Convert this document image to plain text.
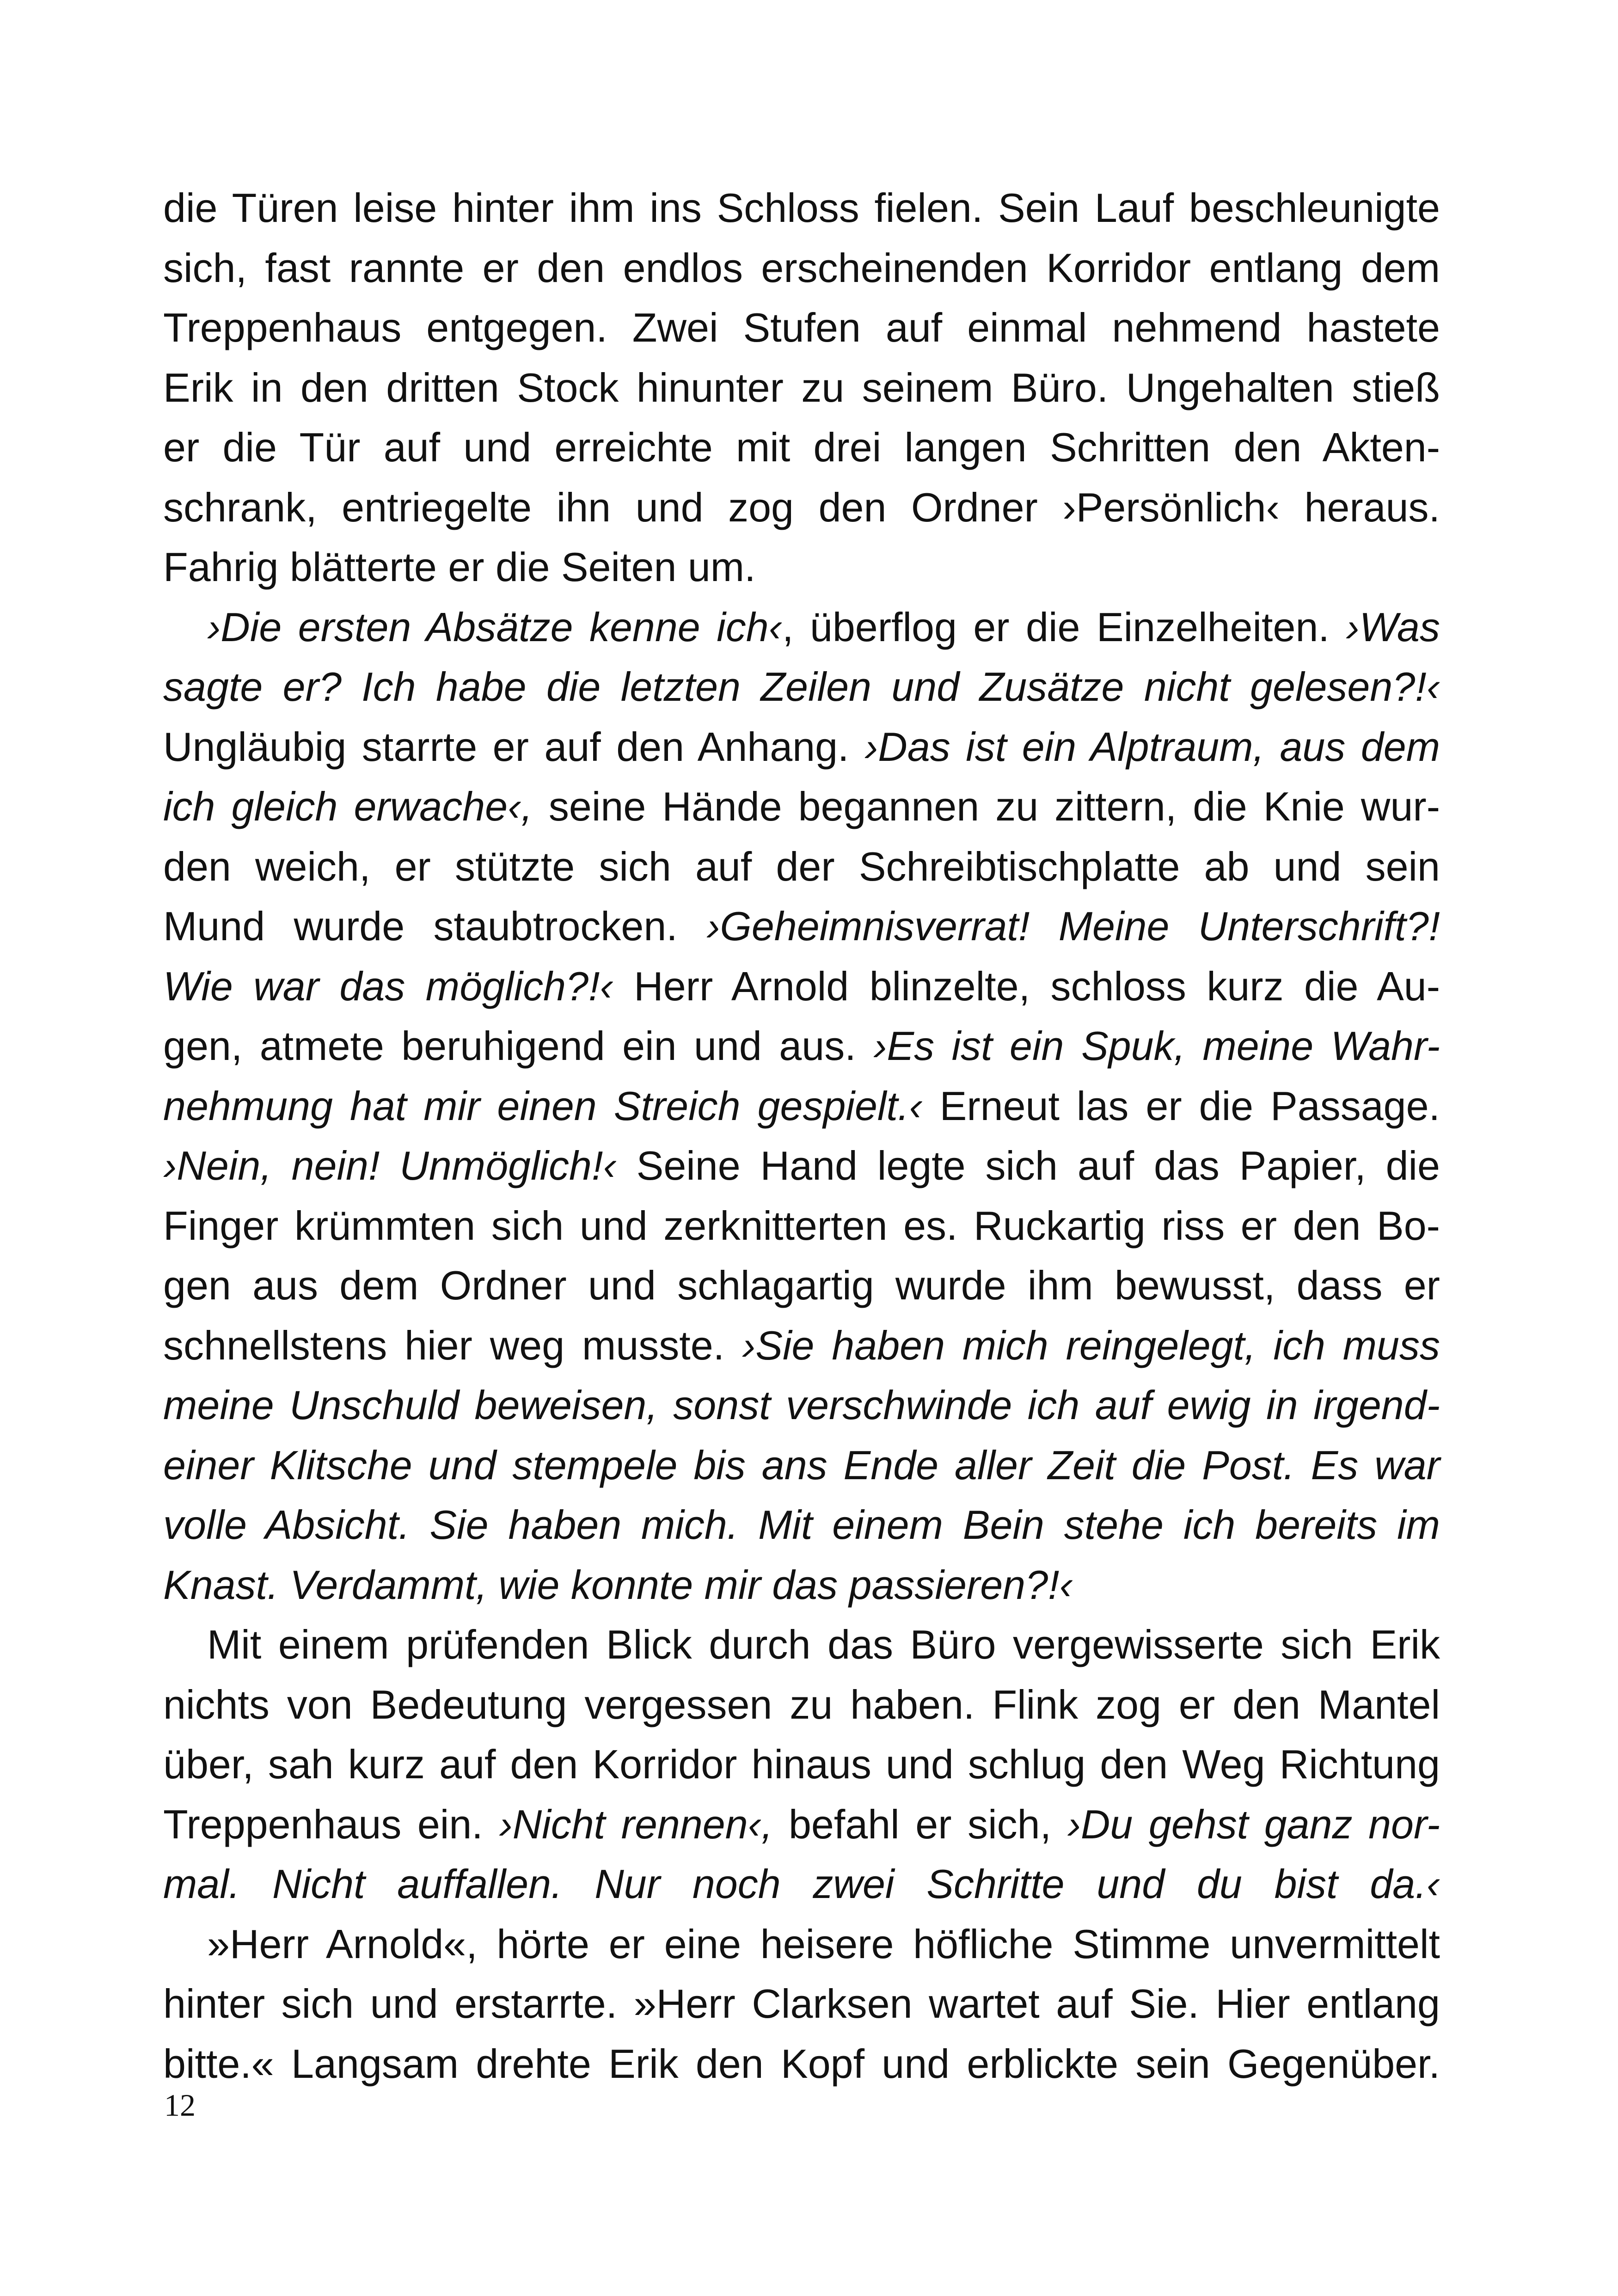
die Türen leise hinter ihm ins Schloss fielen. Sein Lauf beschleunigte
sich, fast rannte er den endlos erscheinenden Korridor entlang dem
Treppenhaus entgegen. Zwei Stufen auf einmal nehmend hastete
Erik in den dritten Stock hinunter zu seinem Büro. Ungehalten stieß
er die Tür auf und erreichte mit drei langen Schritten den Akten-
schrank, entriegelte ihn und zog den Ordner ›Persönlich‹ heraus.
Fahrig blätterte er die Seiten um.
›Die ersten Absätze kenne ich‹, überflog er die Einzelheiten. ›Was
sagte er? Ich habe die letzten Zeilen und Zusätze nicht gelesen?!‹
Ungläubig starrte er auf den Anhang. ›Das ist ein Alptraum, aus dem
ich gleich erwache‹, seine Hände begannen zu zittern, die Knie wur-
den weich, er stützte sich auf der Schreibtischplatte ab und sein
Mund wurde staubtrocken. ›Geheimnisverrat! Meine Unterschrift?!
Wie war das möglich?!‹ Herr Arnold blinzelte, schloss kurz die Au-
gen, atmete beruhigend ein und aus. ›Es ist ein Spuk, meine Wahr-
nehmung hat mir einen Streich gespielt.‹ Erneut las er die Passage.
›Nein, nein! Unmöglich!‹ Seine Hand legte sich auf das Papier, die
Finger krümmten sich und zerknitterten es. Ruckartig riss er den Bo-
gen aus dem Ordner und schlagartig wurde ihm bewusst, dass er
schnellstens hier weg musste. ›Sie haben mich reingelegt, ich muss
meine Unschuld beweisen, sonst verschwinde ich auf ewig in irgend-
einer Klitsche und stempele bis ans Ende aller Zeit die Post. Es war
volle Absicht. Sie haben mich. Mit einem Bein stehe ich bereits im
Knast. Verdammt, wie konnte mir das passieren?!‹
Mit einem prüfenden Blick durch das Büro vergewisserte sich Erik
nichts von Bedeutung vergessen zu haben. Flink zog er den Mantel
über, sah kurz auf den Korridor hinaus und schlug den Weg Richtung
Treppenhaus ein. ›Nicht rennen‹, befahl er sich, ›Du gehst ganz nor-
mal. Nicht auffallen. Nur noch zwei Schritte und du bist da.‹
»Herr Arnold«, hörte er eine heisere höfliche Stimme unvermittelt
hinter sich und erstarrte. »Herr Clarksen wartet auf Sie. Hier entlang
bitte.« Langsam drehte Erik den Kopf und erblickte sein Gegenüber.
12
